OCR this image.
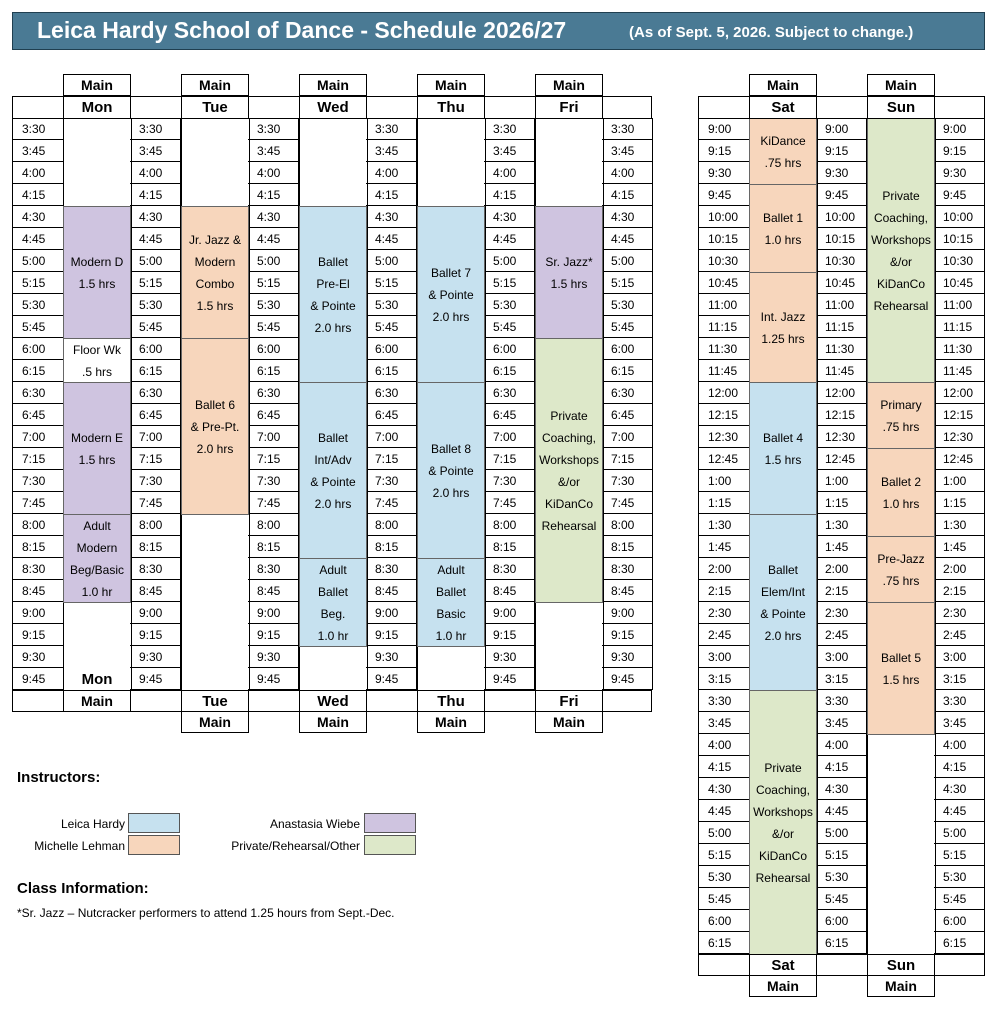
Leica Hardy School of Dance - Schedule 2026/27	(As of Sept. 5, 2026. Subject to change.)
3:30
3:45
4:00
4:15
4:30
4:45
5:00
5:15
5:30
5:45
6:00
6:15
6:30
6:45
7:00
7:15
7:30
7:45
8:00
8:15
8:30
8:45
9:00
9:15
9:30
9:45
3:30
3:45
4:00
4:15
4:30
4:45
5:00
5:15
5:30
5:45
6:00
6:15
6:30
6:45
7:00
7:15
7:30
7:45
8:00
8:15
8:30
8:45
9:00
9:15
9:30
9:45
3:30
3:45
4:00
4:15
4:30
4:45
5:00
5:15
5:30
5:45
6:00
6:15
6:30
6:45
7:00
7:15
7:30
7:45
8:00
8:15
8:30
8:45
9:00
9:15
9:30
9:45
3:30
3:45
4:00
4:15
4:30
4:45
5:00
5:15
5:30
5:45
6:00
6:15
6:30
6:45
7:00
7:15
7:30
7:45
8:00
8:15
8:30
8:45
9:00
9:15
9:30
9:45
3:30
3:45
4:00
4:15
4:30
4:45
5:00
5:15
5:30
5:45
6:00
6:15
6:30
6:45
7:00
7:15
7:30
7:45
8:00
8:15
8:30
8:45
9:00
9:15
9:30
9:45
3:30
3:45
4:00
4:15
4:30
4:45
5:00
5:15
5:30
5:45
6:00
6:15
6:30
6:45
7:00
7:15
7:30
7:45
8:00
8:15
8:30
8:45
9:00
9:15
9:30
9:45
Main
Mon
Modern D
1.5 hrs
Floor Wk
.5 hrs
Modern E
1.5 hrs
Adult
Modern
Beg/Basic
1.0 hr
Main
Tue
Jr. Jazz &
Modern
Combo
1.5 hrs
Ballet 6
& Pre-Pt.
2.0 hrs
Main
Wed
Ballet
Pre-El
& Pointe
2.0 hrs
Ballet
Int/Adv
& Pointe
2.0 hrs
Adult
Ballet
Beg.
1.0 hr
Main
Thu
Ballet 7
& Pointe
2.0 hrs
Ballet 8
& Pointe
2.0 hrs
Adult
Ballet
Basic
1.0 hr
Main
Fri
Sr. Jazz*
1.5 hrs
Private
Coaching,
Workshops
&/or
KiDanCo
Rehearsal
Mon
Main	Tue
Main
Wed
Main
Thu
Main
Fri
Main
9:00
9:15
9:30
9:45
10:00
10:15
10:30
10:45
11:00
11:15
11:30
11:45
12:00
12:15
12:30
12:45
1:00
1:15
1:30
1:45
2:00
2:15
2:30
2:45
3:00
3:15
3:30
3:45
4:00
4:15
4:30
4:45
5:00
5:15
5:30
5:45
6:00
6:15
9:00
9:15
9:30
9:45
10:00
10:15
10:30
10:45
11:00
11:15
11:30
11:45
12:00
12:15
12:30
12:45
1:00
1:15
1:30
1:45
2:00
2:15
2:30
2:45
3:00
3:15
3:30
3:45
4:00
4:15
4:30
4:45
5:00
5:15
5:30
5:45
6:00
6:15
9:00
9:15
9:30
9:45
10:00
10:15
10:30
10:45
11:00
11:15
11:30
11:45
12:00
12:15
12:30
12:45
1:00
1:15
1:30
1:45
2:00
2:15
2:30
2:45
3:00
3:15
3:30
3:45
4:00
4:15
4:30
4:45
5:00
5:15
5:30
5:45
6:00
6:15
Main
Sat
KiDance
.75 hrs
Ballet 1
1.0 hrs
Int. Jazz
1.25 hrs
Ballet 4
1.5 hrs
Ballet
Elem/Int
& Pointe
2.0 hrs
Private
Coaching,
Workshops
&/or
KiDanCo
Rehearsal
Sat
Main
Main
Sun
Private
Coaching,
Workshops
&/or
KiDanCo
Rehearsal
Primary
.75 hrs
Ballet 2
1.0 hrs
Pre-Jazz
.75 hrs
Ballet 5
1.5 hrs
Sun
Main
Instructors:
Leica Hardy
Michelle Lehman
Anastasia Wiebe
Private/Rehearsal/Other
Class Information:
*Sr. Jazz – Nutcracker performers to attend 1.25 hours from Sept.-Dec.
